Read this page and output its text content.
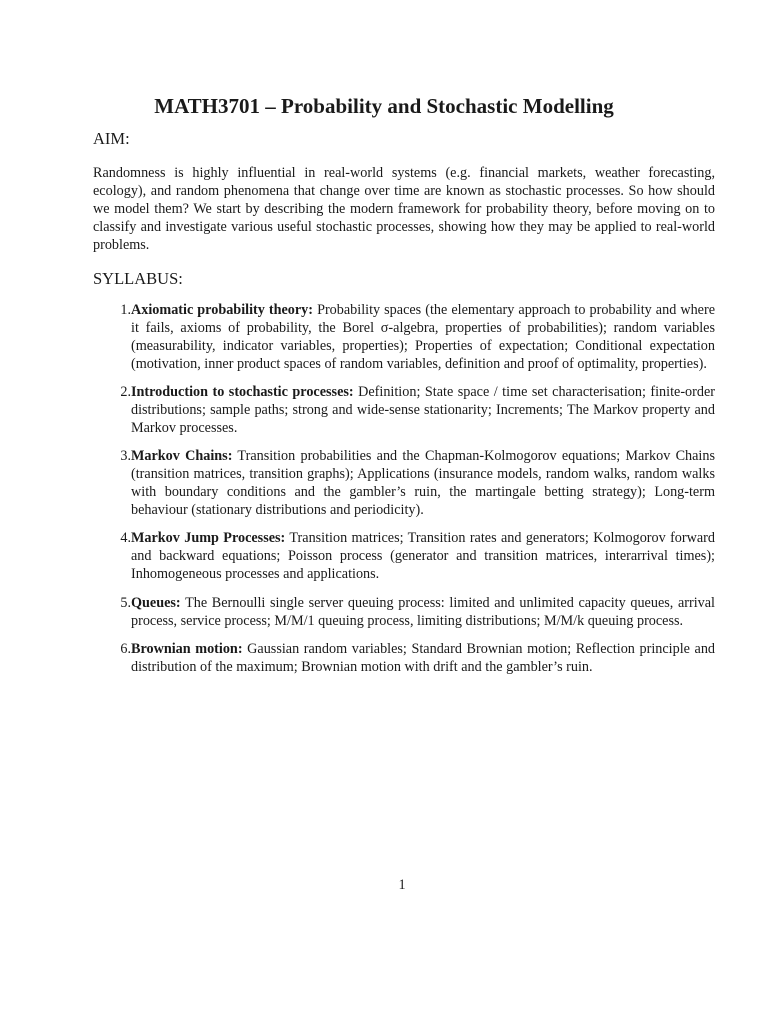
MATH3701 – Probability and Stochastic Modelling
AIM:

Randomness is highly influential in real-world systems (e.g. financial markets, weather forecasting, ecology), and random phenomena that change over time are known as stochastic processes. So how should we model them? We start by describing the modern framework for probability theory, before moving on to classify and investigate various useful stochastic processes, showing how they may be applied to real-world problems.

SYLLABUS:
1. Axiomatic probability theory: Probability spaces (the elementary approach to probability and where it fails, axioms of probability, the Borel σ-algebra, properties of probabilities); random variables (measurability, indicator variables, properties); Properties of expectation; Conditional expectation (motivation, inner product spaces of random variables, definition and proof of optimality, properties).
2. Introduction to stochastic processes: Definition; State space / time set characterisation; finite-order distributions; sample paths; strong and wide-sense stationarity; Increments; The Markov property and Markov processes.
3. Markov Chains: Transition probabilities and the Chapman-Kolmogorov equations; Markov Chains (transition matrices, transition graphs); Applications (insurance models, random walks, random walks with boundary conditions and the gambler’s ruin, the martingale betting strategy); Long-term behaviour (stationary distributions and periodicity).
4. Markov Jump Processes: Transition matrices; Transition rates and generators; Kolmogorov forward and backward equations; Poisson process (generator and transition matrices, interarrival times); Inhomogeneous processes and applications.
5. Queues: The Bernoulli single server queuing process: limited and unlimited capacity queues, arrival process, service process; M/M/1 queuing process, limiting distributions; M/M/k queuing process.
6. Brownian motion: Gaussian random variables; Standard Brownian motion; Reflection principle and distribution of the maximum; Brownian motion with drift and the gambler’s ruin.
1
